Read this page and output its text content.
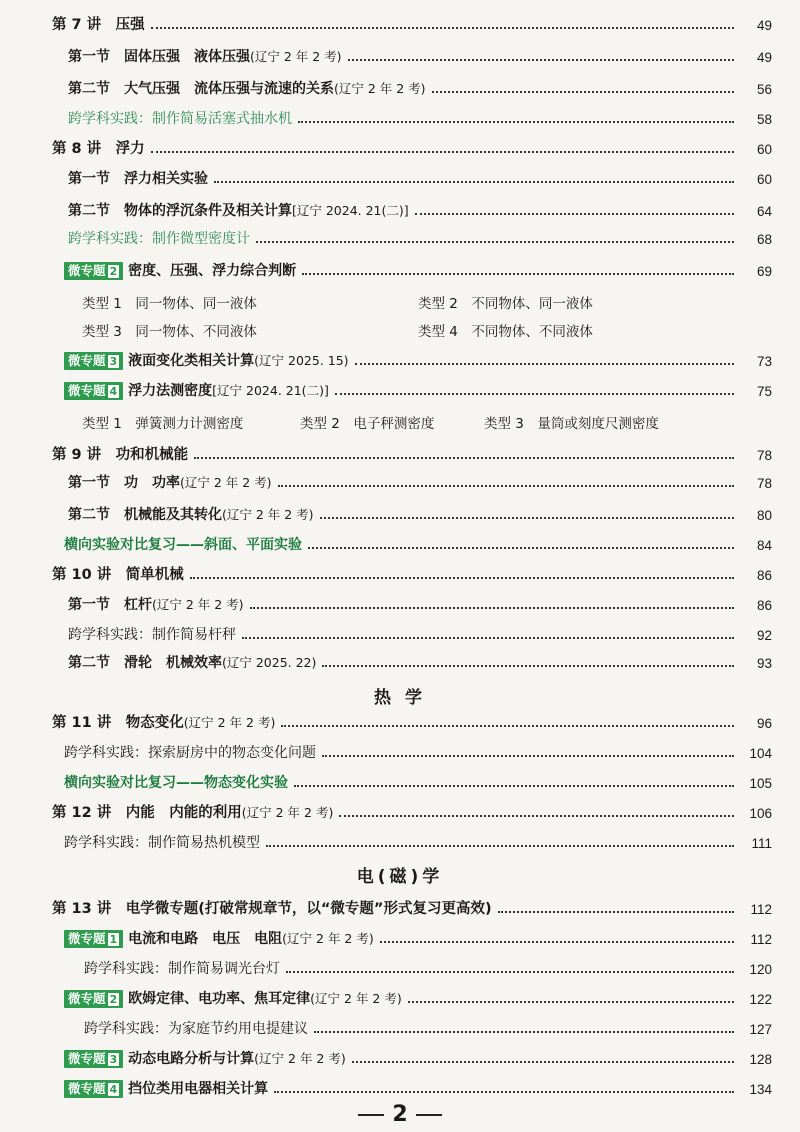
第 7 讲　压强	49
第一节　固体压强　液体压强(辽宁 2 年 2 考)	49
第二节　大气压强　流体压强与流速的关系(辽宁 2 年 2 考)	56
跨学科实践：制作简易活塞式抽水机	58
第 8 讲　浮力	60
第一节　浮力相关实验	60
第二节　物体的浮沉条件及相关计算[辽宁 2024. 21(二)]	64
跨学科实践：制作微型密度计	68
微专题 2 密度、压强、浮力综合判断	69
类型 1　同一物体、同一液体	类型 2　不同物体、同一液体
类型 3　同一物体、不同液体	类型 4　不同物体、不同液体
微专题 3 液面变化类相关计算(辽宁 2025. 15)	73
微专题 4 浮力法测密度[辽宁 2024. 21(二)]	75
类型 1　弹簧测力计测密度	类型 2　电子秤测密度	类型 3　量筒或刻度尺测密度
第 9 讲　功和机械能	78
第一节　功　功率(辽宁 2 年 2 考)	78
第二节　机械能及其转化(辽宁 2 年 2 考)	80
横向实验对比复习——斜面、平面实验	84
第 10 讲　简单机械	86
第一节　杠杆(辽宁 2 年 2 考)	86
跨学科实践：制作简易杆秤	92
第二节　滑轮　机械效率(辽宁 2025. 22)	93
热 学
第 11 讲　物态变化(辽宁 2 年 2 考)	96
跨学科实践：探索厨房中的物态变化问题	104
横向实验对比复习——物态变化实验	105
第 12 讲　内能　内能的利用(辽宁 2 年 2 考)	106
跨学科实践：制作简易热机模型	111
电(磁)学
第 13 讲　电学微专题(打破常规章节，以“微专题”形式复习更高效)	112
微专题 1 电流和电路　电压　电阻(辽宁 2 年 2 考)	112
跨学科实践：制作简易调光台灯	120
微专题 2 欧姆定律、电功率、焦耳定律(辽宁 2 年 2 考)	122
跨学科实践：为家庭节约用电提建议	127
微专题 3 动态电路分析与计算(辽宁 2 年 2 考)	128
微专题 4 挡位类用电器相关计算	134
2
